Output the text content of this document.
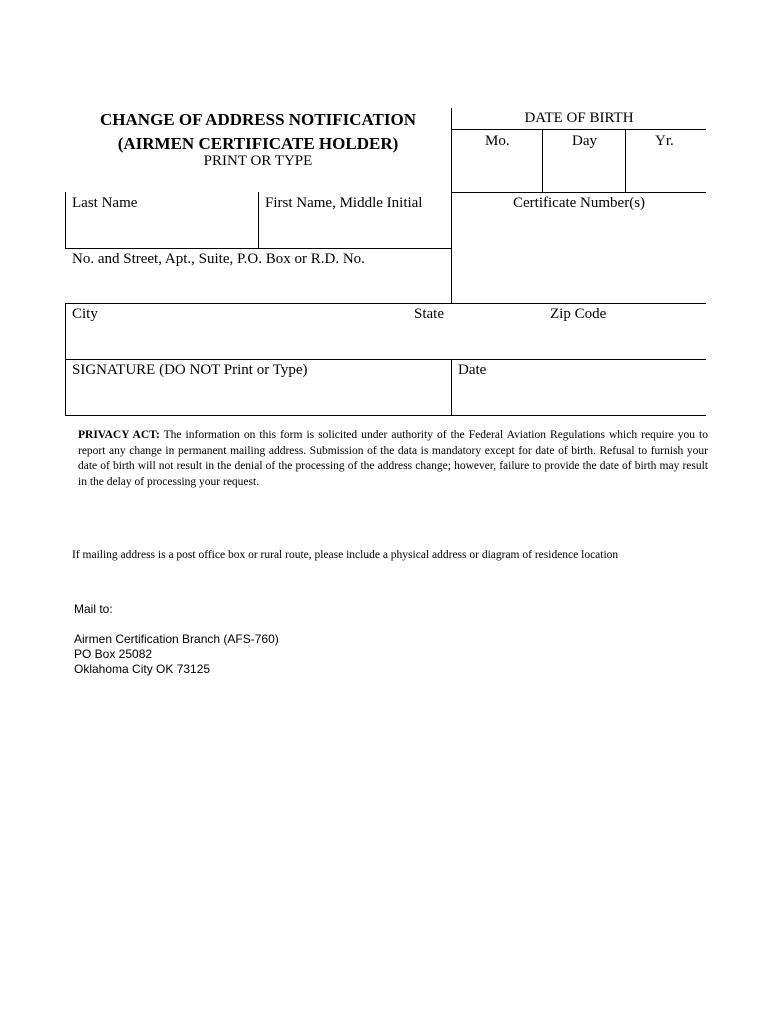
CHANGE OF ADDRESS NOTIFICATION
(AIRMEN CERTIFICATE HOLDER)
PRINT OR TYPE
DATE OF BIRTH
Mo.	Day	Yr.
Last Name	First Name, Middle Initial	Certificate Number(s)
No. and Street, Apt., Suite, P.O. Box or R.D. No.
City	State	Zip Code
SIGNATURE (DO NOT Print or Type)	Date
PRIVACY ACT: The information on this form is solicited under authority of the Federal Aviation Regulations which require you to report any change in permanent mailing address. Submission of the data is mandatory except for date of birth. Refusal to furnish your date of birth will not result in the denial of the processing of the address change; however, failure to provide the date of birth may result in the delay of processing your request.
If mailing address is a post office box or rural route, please include a physical address or diagram of residence location
Mail to:
Airmen Certification Branch (AFS-760)
PO Box 25082
Oklahoma City OK 73125
